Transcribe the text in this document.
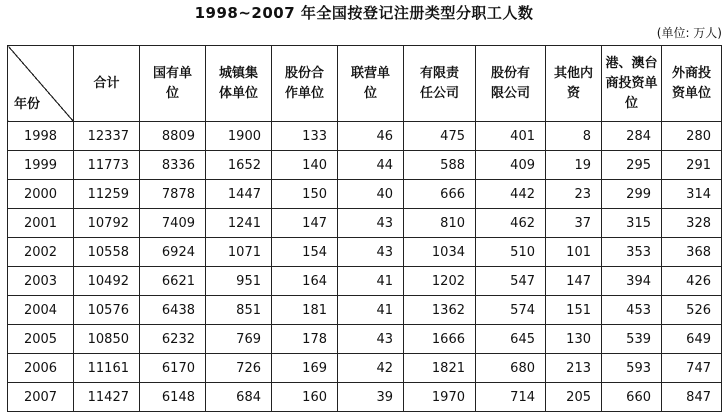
1998~2007 年全国按登记注册类型分职工人数
(单位: 万人)
年份	合计	国有单位	城镇集体单位	股份合作单位	联营单位	有限责任公司	股份有限公司	其他内资	港、澳台商投资单位	外商投资单位
1998	12337	8809	1900	133	46	475	401	8	284	280
1999	11773	8336	1652	140	44	588	409	19	295	291
2000	11259	7878	1447	150	40	666	442	23	299	314
2001	10792	7409	1241	147	43	810	462	37	315	328
2002	10558	6924	1071	154	43	1034	510	101	353	368
2003	10492	6621	951	164	41	1202	547	147	394	426
2004	10576	6438	851	181	41	1362	574	151	453	526
2005	10850	6232	769	178	43	1666	645	130	539	649
2006	11161	6170	726	169	42	1821	680	213	593	747
2007	11427	6148	684	160	39	1970	714	205	660	847
